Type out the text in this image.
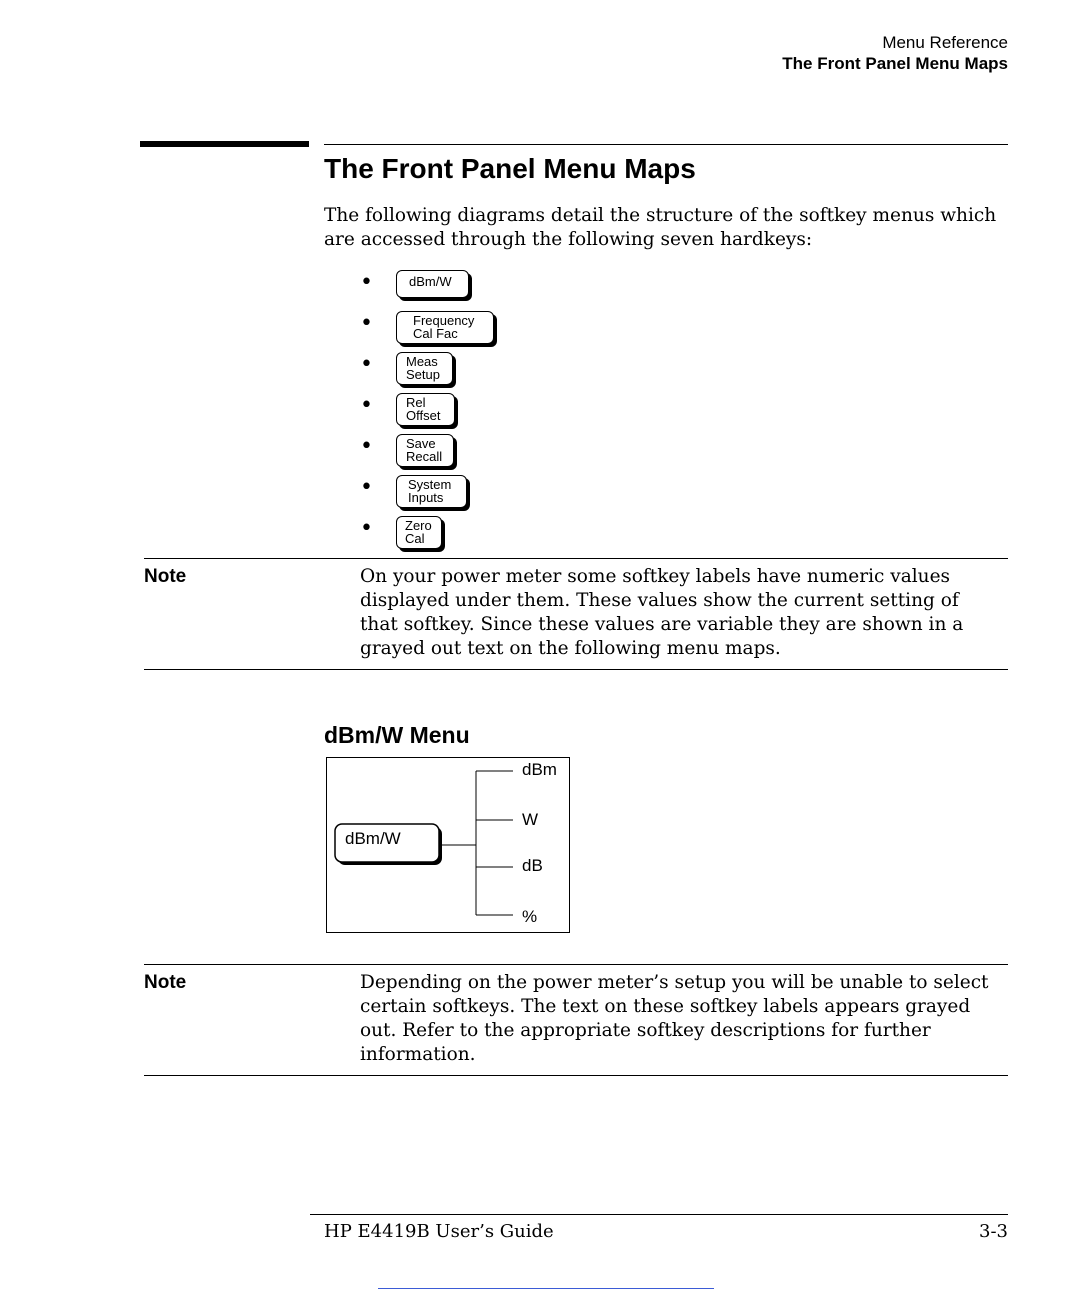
Menu Reference
The Front Panel Menu Maps
The Front Panel Menu Maps

The following diagrams detail the structure of the softkey menus which are accessed through the following seven hardkeys:

•	dBm/W
•	Frequency
Cal Fac
•	Meas
Setup
•	Rel
Offset
•	Save
Recall
•	System
Inputs
• Zero
Cal
Note	On your power meter some softkey labels have numeric values displayed under them. These values show the current setting of that softkey. Since these values are variable they are shown in a grayed out text on the following menu maps.

dBm/W Menu
dBm/W
dBm
W
dB
%
Note	Depending on the power meter’s setup you will be unable to select certain softkeys. The text on these softkey labels appears grayed out. Refer to the appropriate softkey descriptions for further information.

HP E4419B User’s Guide	3-3
